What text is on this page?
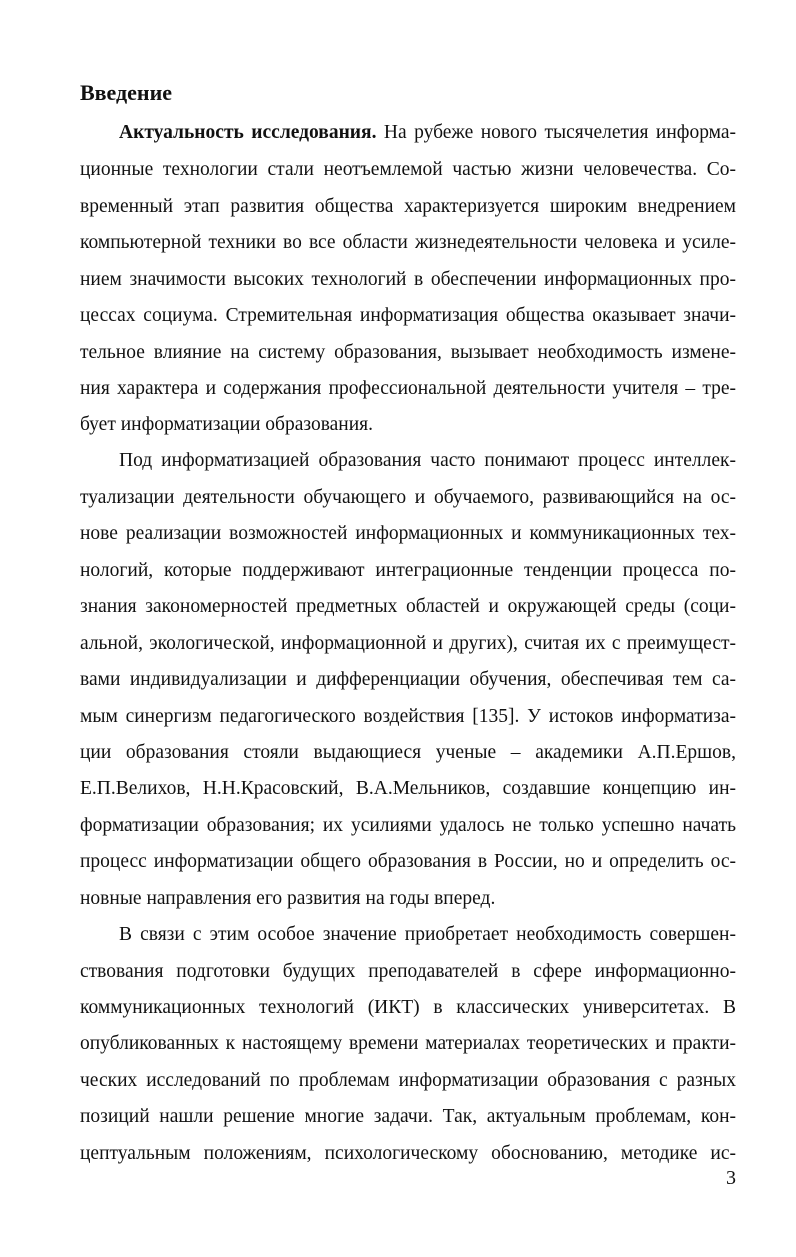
Введение

Актуальность исследования. На рубеже нового тысячелетия информа-

ционные технологии стали неотъемлемой частью жизни человечества. Со-

временный этап развития общества характеризуется широким внедрением

компьютерной техники во все области жизнедеятельности человека и усиле-

нием значимости высоких технологий в обеспечении информационных про-

цессах социума. Стремительная информатизация общества оказывает значи-

тельное влияние на систему образования, вызывает необходимость измене-

ния характера и содержания профессиональной деятельности учителя – тре-

бует информатизации образования.

Под информатизацией образования часто понимают процесс интеллек-

туализации деятельности обучающего и обучаемого, развивающийся на ос-

нове реализации возможностей информационных и коммуникационных тех-

нологий, которые поддерживают интеграционные тенденции процесса по-

знания закономерностей предметных областей и окружающей среды (соци-

альной, экологической, информационной и других), считая их с преимущест-

вами индивидуализации и дифференциации обучения, обеспечивая тем са-

мым синергизм педагогического воздействия [135]. У истоков информатиза-

ции образования стояли выдающиеся ученые – академики А.П.Ершов,

Е.П.Велихов, Н.Н.Красовский, В.А.Мельников, создавшие концепцию ин-

форматизации образования; их усилиями удалось не только успешно начать

процесс информатизации общего образования в России, но и определить ос-

новные направления его развития на годы вперед.

В связи с этим особое значение приобретает необходимость совершен-

ствования подготовки будущих преподавателей в сфере информационно-

коммуникационных технологий (ИКТ) в классических университетах. В

опубликованных к настоящему времени материалах теоретических и практи-

ческих исследований по проблемам информатизации образования с разных

позиций нашли решение многие задачи. Так, актуальным проблемам, кон-

цептуальным положениям, психологическому обоснованию, методике ис-

3
